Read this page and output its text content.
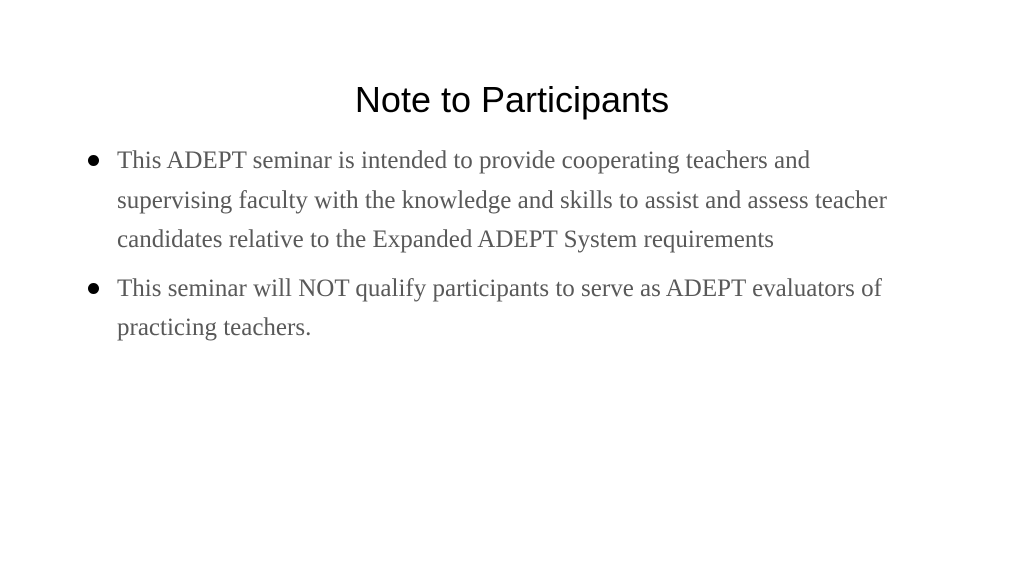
Note to Participants
This ADEPT seminar is intended to provide cooperating teachers and supervising faculty with the knowledge and skills to assist and assess teacher candidates relative to the Expanded ADEPT System requirements
This seminar will NOT qualify participants to serve as ADEPT evaluators of practicing teachers.
